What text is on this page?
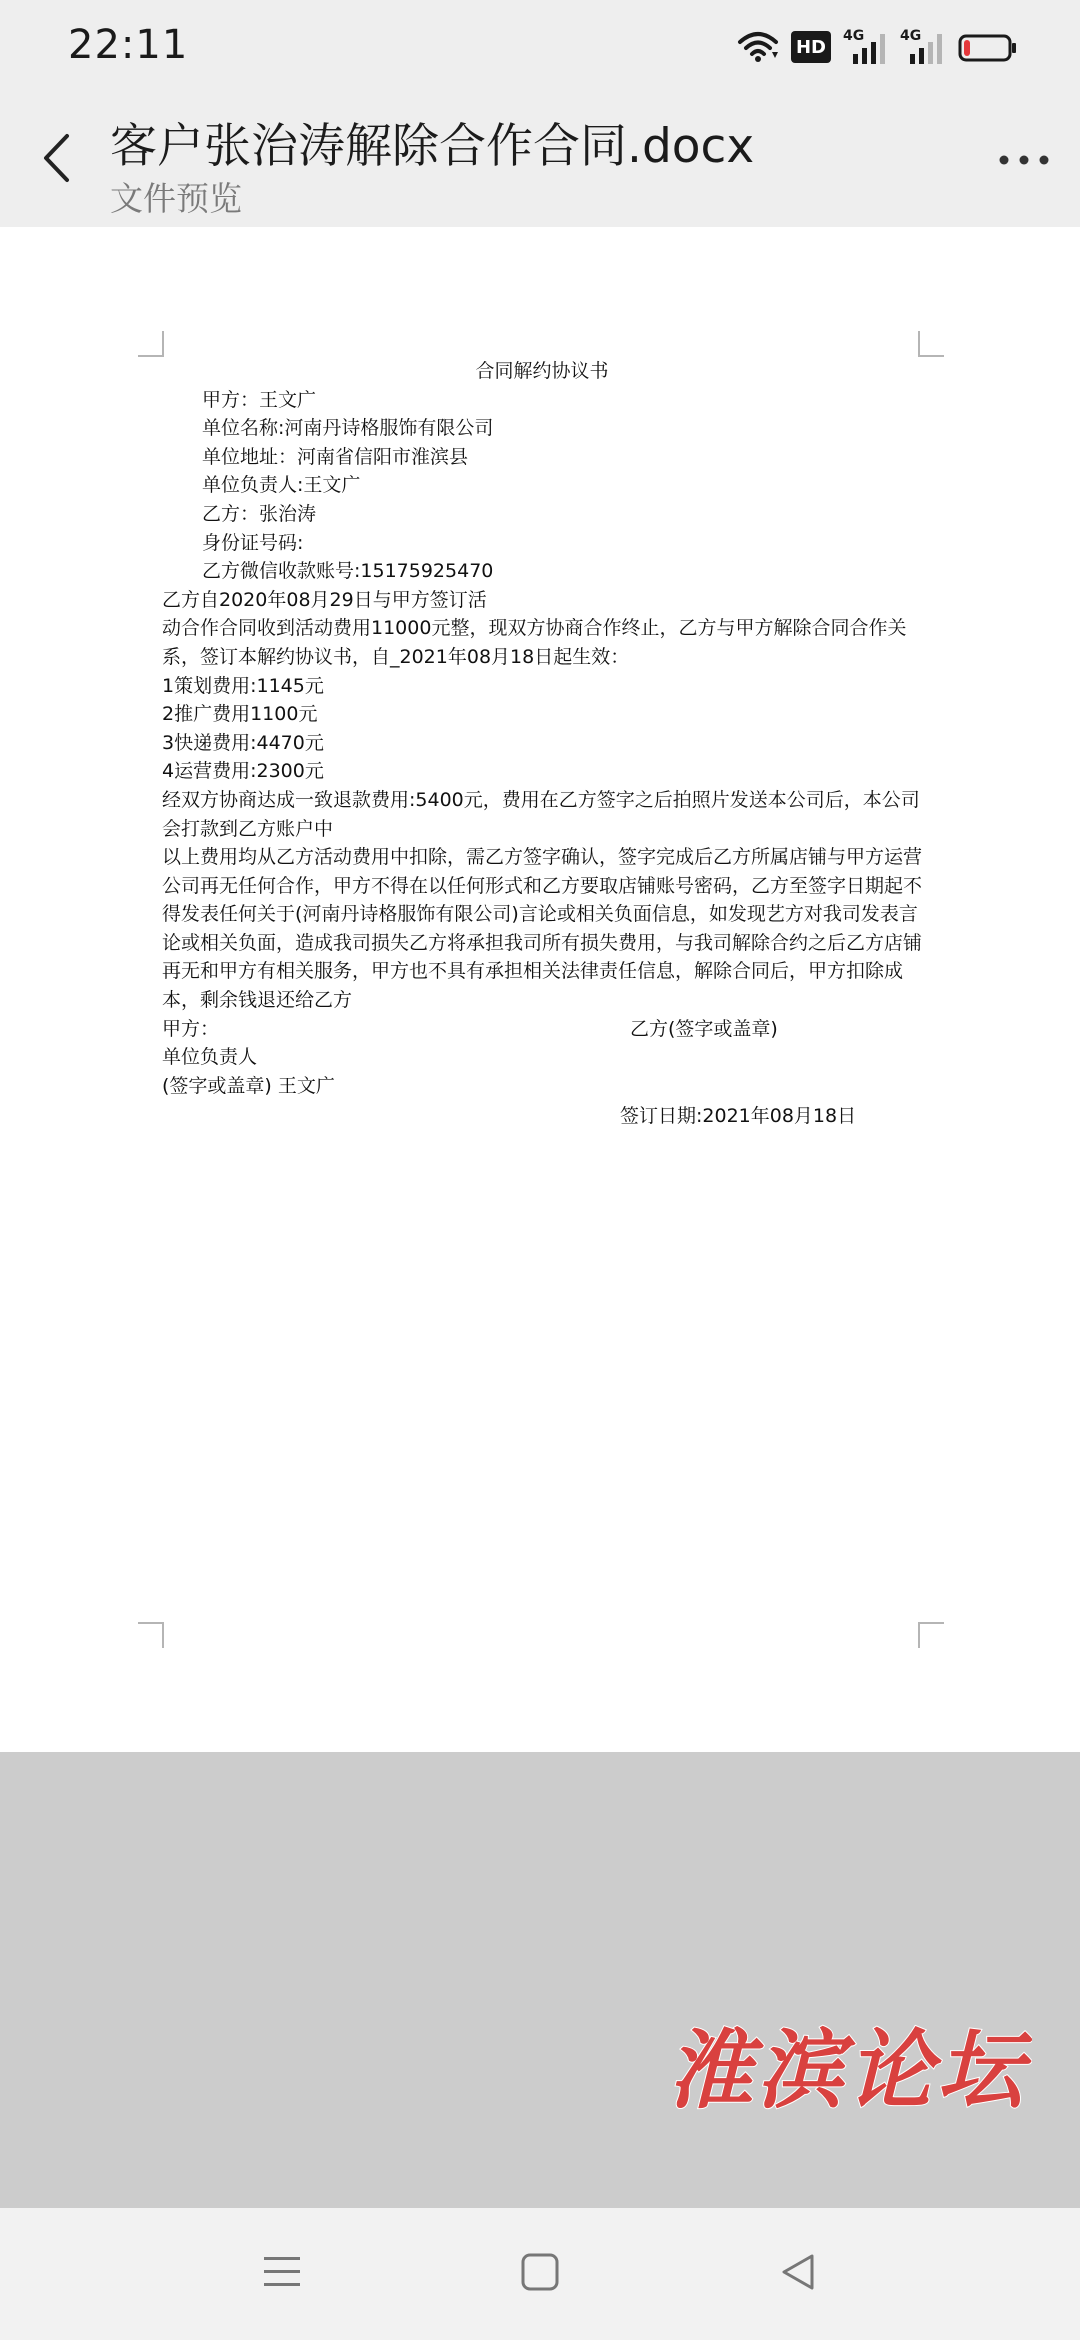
22:11	HD
4G	4G
客户张治涛解除合作合同.docx
文件预览

合同解约协议书

甲方：王文广

单位名称:河南丹诗格服饰有限公司

单位地址：河南省信阳市淮滨县

单位负责人:王文广

乙方：张治涛

身份证号码:

乙方微信收款账号:15175925470

乙方自2020年08月29日与甲方签订活

动合作合同收到活动费用11000元整，现双方协商合作终止，乙方与甲方解除合同合作关系，签订本解约协议书，自_2021年08月18日起生效：

1策划费用:1145元

2推广费用1100元

3快递费用:4470元

4运营费用:2300元

经双方协商达成一致退款费用:5400元，费用在乙方签字之后拍照片发送本公司后，本公司会打款到乙方账户中

以上费用均从乙方活动费用中扣除，需乙方签字确认，签字完成后乙方所属店铺与甲方运营公司再无任何合作，甲方不得在以任何形式和乙方要取店铺账号密码，乙方至签字日期起不得发表任何关于(河南丹诗格服饰有限公司)言论或相关负面信息，如发现艺方对我司发表言论或相关负面，造成我司损失乙方将承担我司所有损失费用，与我司解除合约之后乙方店铺再无和甲方有相关服务，甲方也不具有承担相关法律责任信息，解除合同后，甲方扣除成本，剩余钱退还给乙方

甲方：	乙方(签字或盖章)

单位负责人

(签字或盖章) 王文广

签订日期:2021年08月18日

淮滨论坛
